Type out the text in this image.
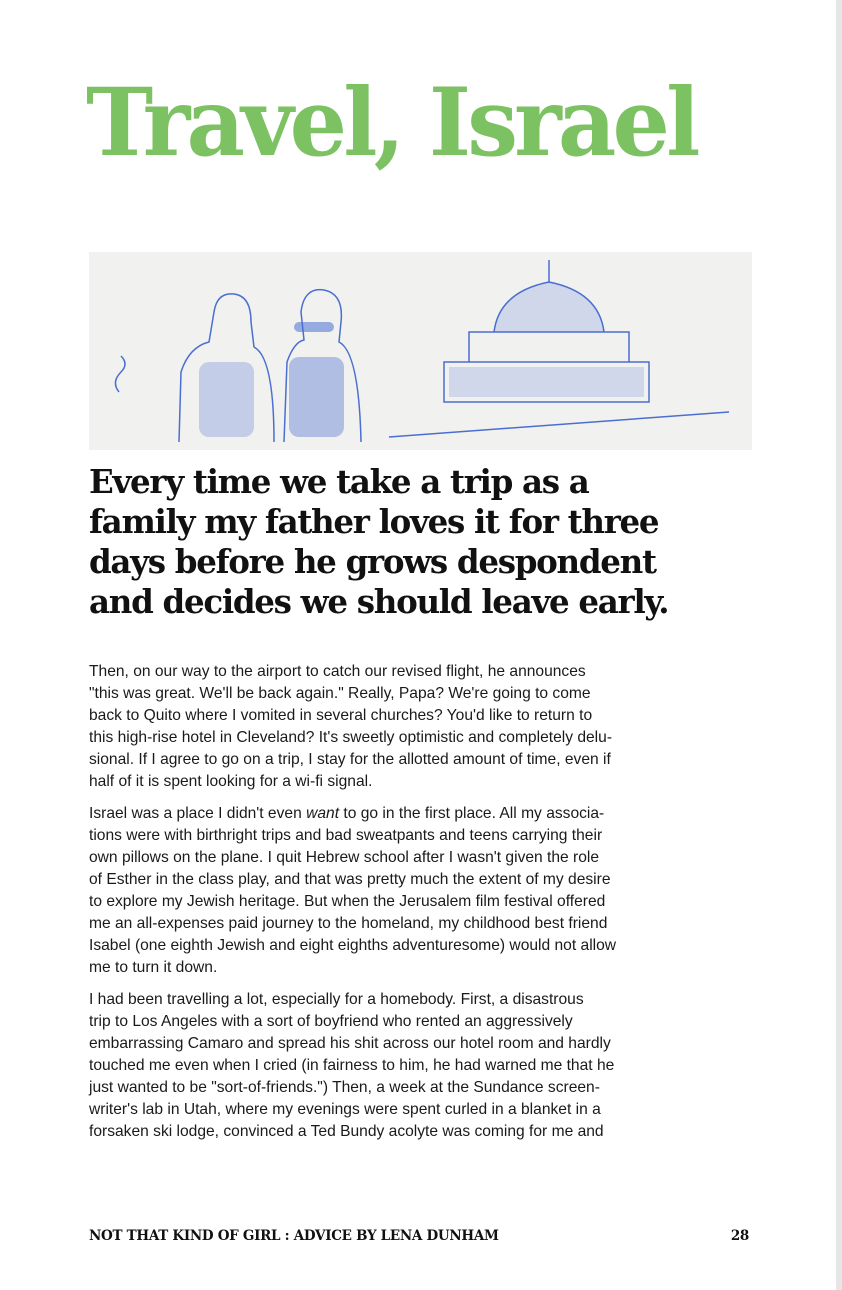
Travel, Israel
Every time we take a trip as a
family my father loves it for three
days before he grows despondent
and decides we should leave early.
Then, on our way to the airport to catch our revised flight, he announces
"this was great. We'll be back again." Really, Papa? We're going to come
back to Quito where I vomited in several churches? You'd like to return to
this high-rise hotel in Cleveland? It's sweetly optimistic and completely delu-
sional. If I agree to go on a trip, I stay for the allotted amount of time, even if
half of it is spent looking for a wi-fi signal.
Israel was a place I didn't even want to go in the first place. All my associa-
tions were with birthright trips and bad sweatpants and teens carrying their
own pillows on the plane. I quit Hebrew school after I wasn't given the role
of Esther in the class play, and that was pretty much the extent of my desire
to explore my Jewish heritage. But when the Jerusalem film festival offered
me an all-expenses paid journey to the homeland, my childhood best friend
Isabel (one eighth Jewish and eight eighths adventuresome) would not allow
me to turn it down.
I had been travelling a lot, especially for a homebody. First, a disastrous
trip to Los Angeles with a sort of boyfriend who rented an aggressively
embarrassing Camaro and spread his shit across our hotel room and hardly
touched me even when I cried (in fairness to him, he had warned me that he
just wanted to be "sort-of-friends.") Then, a week at the Sundance screen-
writer's lab in Utah, where my evenings were spent curled in a blanket in a
forsaken ski lodge, convinced a Ted Bundy acolyte was coming for me and
NOT THAT KIND OF GIRL : ADVICE BY LENA DUNHAM	28
